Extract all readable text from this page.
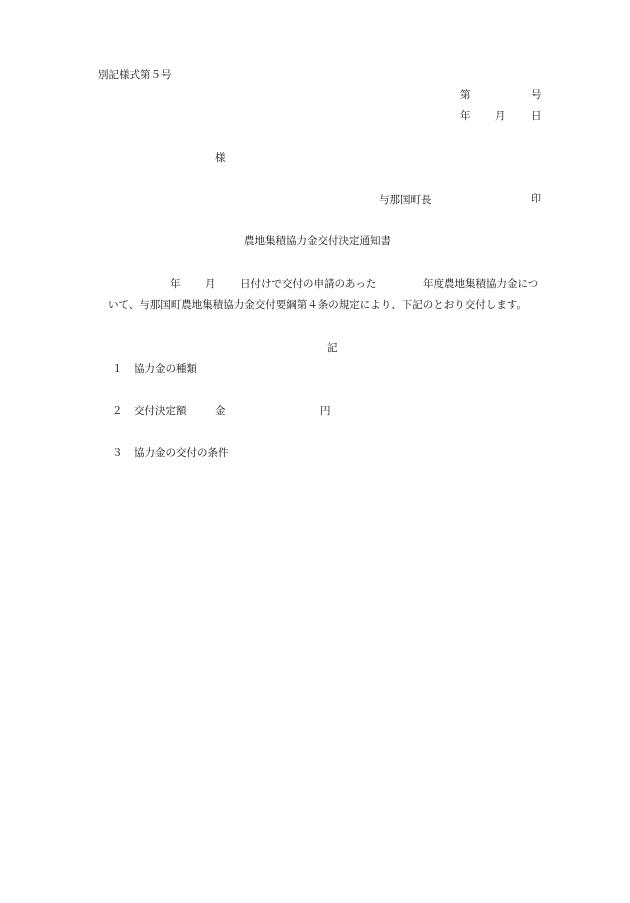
別記様式第５号
第	号
年 月 日
様
与那国町長	印
農地集積協力金交付決定通知書
年 月 日付けで交付の申請のあった	年度農地集積協力金につ
いて、与那国町農地集積協力金交付要綱第４条の規定により、下記のとおり交付します。
記
１ 協力金の種類
２ 交付決定額	金	円
３ 協力金の交付の条件
